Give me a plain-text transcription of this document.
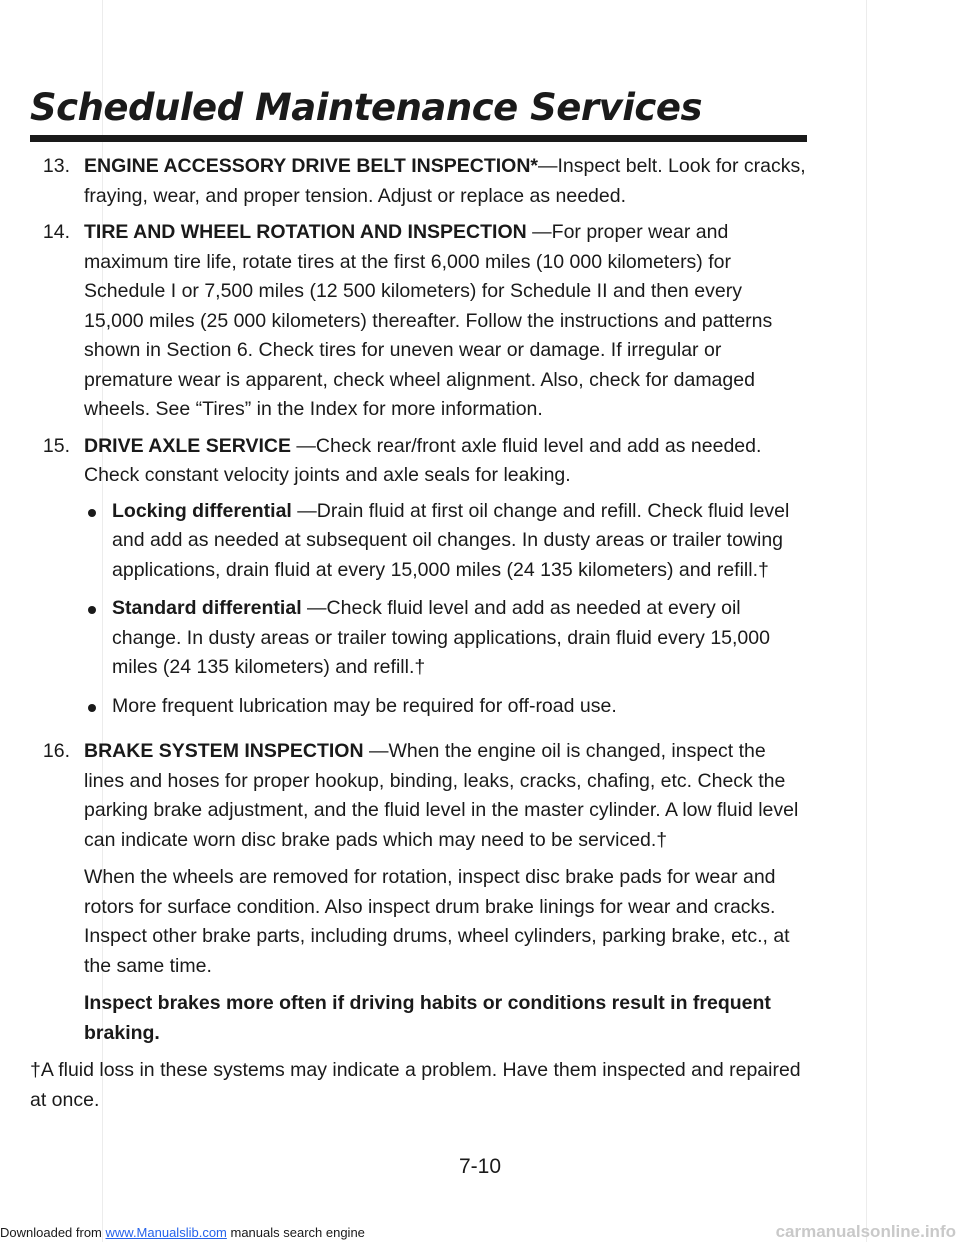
Scheduled Maintenance Services
13. ENGINE ACCESSORY DRIVE BELT INSPECTION*—Inspect belt. Look for cracks, fraying, wear, and proper tension. Adjust or replace as needed.
14. TIRE AND WHEEL ROTATION AND INSPECTION —For proper wear and maximum tire life, rotate tires at the first 6,000 miles (10 000 kilometers) for Schedule I or 7,500 miles (12 500 kilometers) for Schedule II and then every 15,000 miles (25 000 kilometers) thereafter. Follow the instructions and patterns shown in Section 6. Check tires for uneven wear or damage. If irregular or premature wear is apparent, check wheel alignment. Also, check for damaged wheels. See “Tires” in the Index for more information.
15. DRIVE AXLE SERVICE —Check rear/front axle fluid level and add as needed. Check constant velocity joints and axle seals for leaking.
Locking differential —Drain fluid at first oil change and refill. Check fluid level and add as needed at subsequent oil changes. In dusty areas or trailer towing applications, drain fluid at every 15,000 miles (24 135 kilometers) and refill.†
Standard differential —Check fluid level and add as needed at every oil change. In dusty areas or trailer towing applications, drain fluid every 15,000 miles (24 135 kilometers) and refill.†
More frequent lubrication may be required for off-road use.
16. BRAKE SYSTEM INSPECTION —When the engine oil is changed, inspect the lines and hoses for proper hookup, binding, leaks, cracks, chafing, etc. Check the parking brake adjustment, and the fluid level in the master cylinder. A low fluid level can indicate worn disc brake pads which may need to be serviced.†
When the wheels are removed for rotation, inspect disc brake pads for wear and rotors for surface condition. Also inspect drum brake linings for wear and cracks. Inspect other brake parts, including drums, wheel cylinders, parking brake, etc., at the same time.
Inspect brakes more often if driving habits or conditions result in frequent braking.
†A fluid loss in these systems may indicate a problem. Have them inspected and repaired at once.
7-10
Downloaded from www.Manualslib.com manuals search engine	carmanualsonline.info
